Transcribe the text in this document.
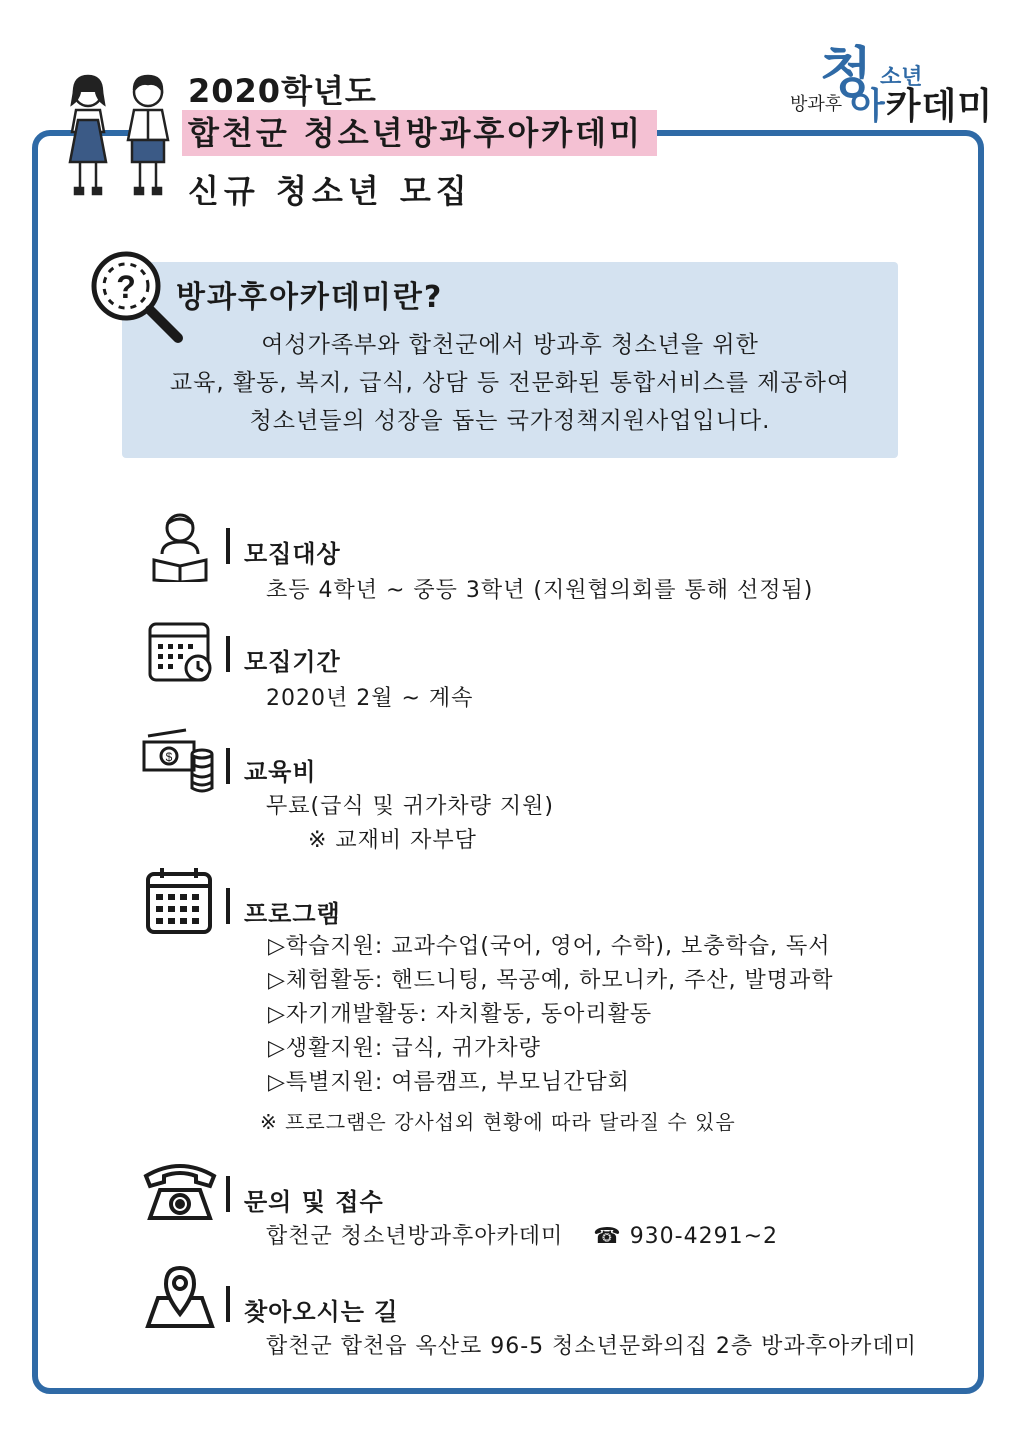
2020학년도
합천군 청소년방과후아카데미
신규 청소년 모집
청 소년
방과후 아카데미
? 방과후아카데미란?
여성가족부와 합천군에서 방과후 청소년을 위한
교육, 활동, 복지, 급식, 상담 등 전문화된 통합서비스를 제공하여
청소년들의 성장을 돕는 국가정책지원사업입니다.
모집대상
초등 4학년 ~ 중등 3학년 (지원협의회를 통해 선정됨)
모집기간
2020년 2월 ~ 계속
$
교육비
무료(급식 및 귀가차량 지원)
※ 교재비 자부담
프로그램
▷학습지원: 교과수업(국어, 영어, 수학), 보충학습, 독서
▷체험활동: 핸드니팅, 목공예, 하모니카, 주산, 발명과학
▷자기개발활동: 자치활동, 동아리활동
▷생활지원: 급식, 귀가차량
▷특별지원: 여름캠프, 부모님간담회
※ 프로그램은 강사섭외 현황에 따라 달라질 수 있음
문의 및 접수
합천군 청소년방과후아카데미 ☎ 930-4291~2
찾아오시는 길
합천군 합천읍 옥산로 96-5 청소년문화의집 2층 방과후아카데미
